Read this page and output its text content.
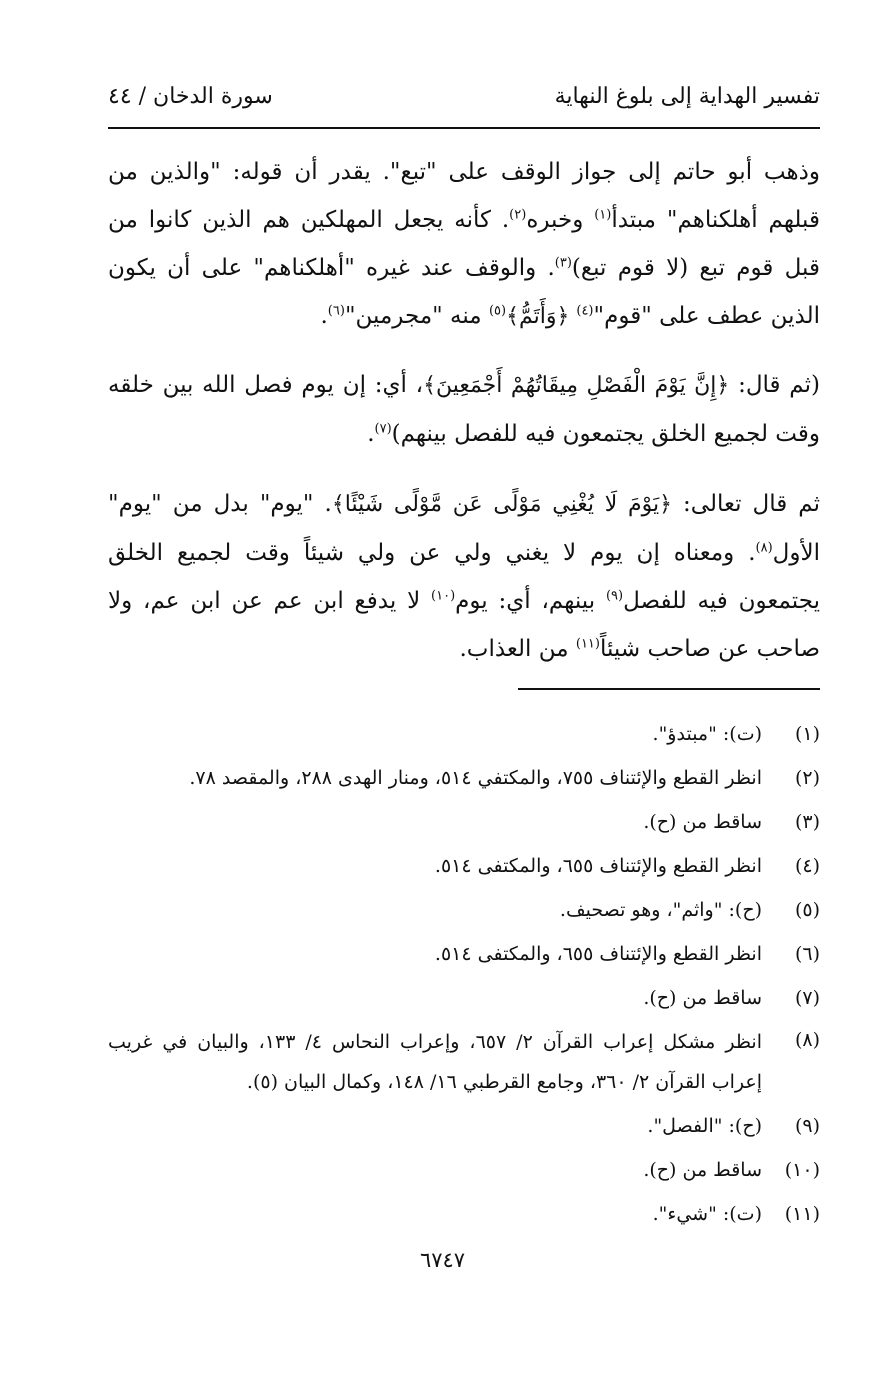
تفسير الهداية إلى بلوغ النهاية
سورة الدخان / ٤٤

وذهب أبو حاتم إلى جواز الوقف على "تبع". يقدر أن قوله: "والذين من قبلهم أهلكناهم" مبتدأ$^{(١)}$ وخبره$^{(٢)}$. كأنه يجعل المهلكين هم الذين كانوا من قبل قوم تبع (لا قوم تبع)$^{(٣)}$. والوقف عند غيره "أهلكناهم" على أن يكون الذين عطف على "قوم"$^{(٤)}$ ﴿وَأَتَمُّ﴾$^{(٥)}$ منه "مجرمين"$^{(٦)}$.

(ثم قال: ﴿إِنَّ يَوْمَ الْفَصْلِ مِيقَاتُهُمْ أَجْمَعِينَ﴾، أي: إن يوم فصل الله بين خلقه وقت لجميع الخلق يجتمعون فيه للفصل بينهم)$^{(٧)}$.

ثم قال تعالى: ﴿يَوْمَ لَا يُغْنِي مَوْلًى عَن مَّوْلًى شَيْئًا﴾. "يوم" بدل من "يوم" الأول$^{(٨)}$. ومعناه إن يوم لا يغني ولي عن ولي شيئاً وقت لجميع الخلق يجتمعون فيه للفصل$^{(٩)}$ بينهم، أي: يوم$^{(١٠)}$ لا يدفع ابن عم عن ابن عم، ولا صاحب عن صاحب شيئاً$^{(١١)}$ من العذاب.

(١)
(ت): "مبتدؤ".
(٢)
انظر القطع والإئتناف ٧٥٥، والمكتفي ٥١٤، ومنار الهدى ٢٨٨، والمقصد ٧٨.
(٣)
ساقط من (ح).
(٤)
انظر القطع والإئتناف ٦٥٥، والمكتفى ٥١٤.
(٥)
(ح): "واثم"، وهو تصحيف.
(٦)
انظر القطع والإئتناف ٦٥٥، والمكتفى ٥١٤.
(٧)
ساقط من (ح).
(٨)
انظر مشكل إعراب القرآن ٢/ ٦٥٧، وإعراب النحاس ٤/ ١٣٣، والبيان في غريب إعراب القرآن ٢/ ٣٦٠، وجامع القرطبي ١٦/ ١٤٨، وكمال البيان (٥).
(٩)
(ح): "الفصل".
(١٠)
ساقط من (ح).
(١١)
(ت): "شيء".
٦٧٤٧
